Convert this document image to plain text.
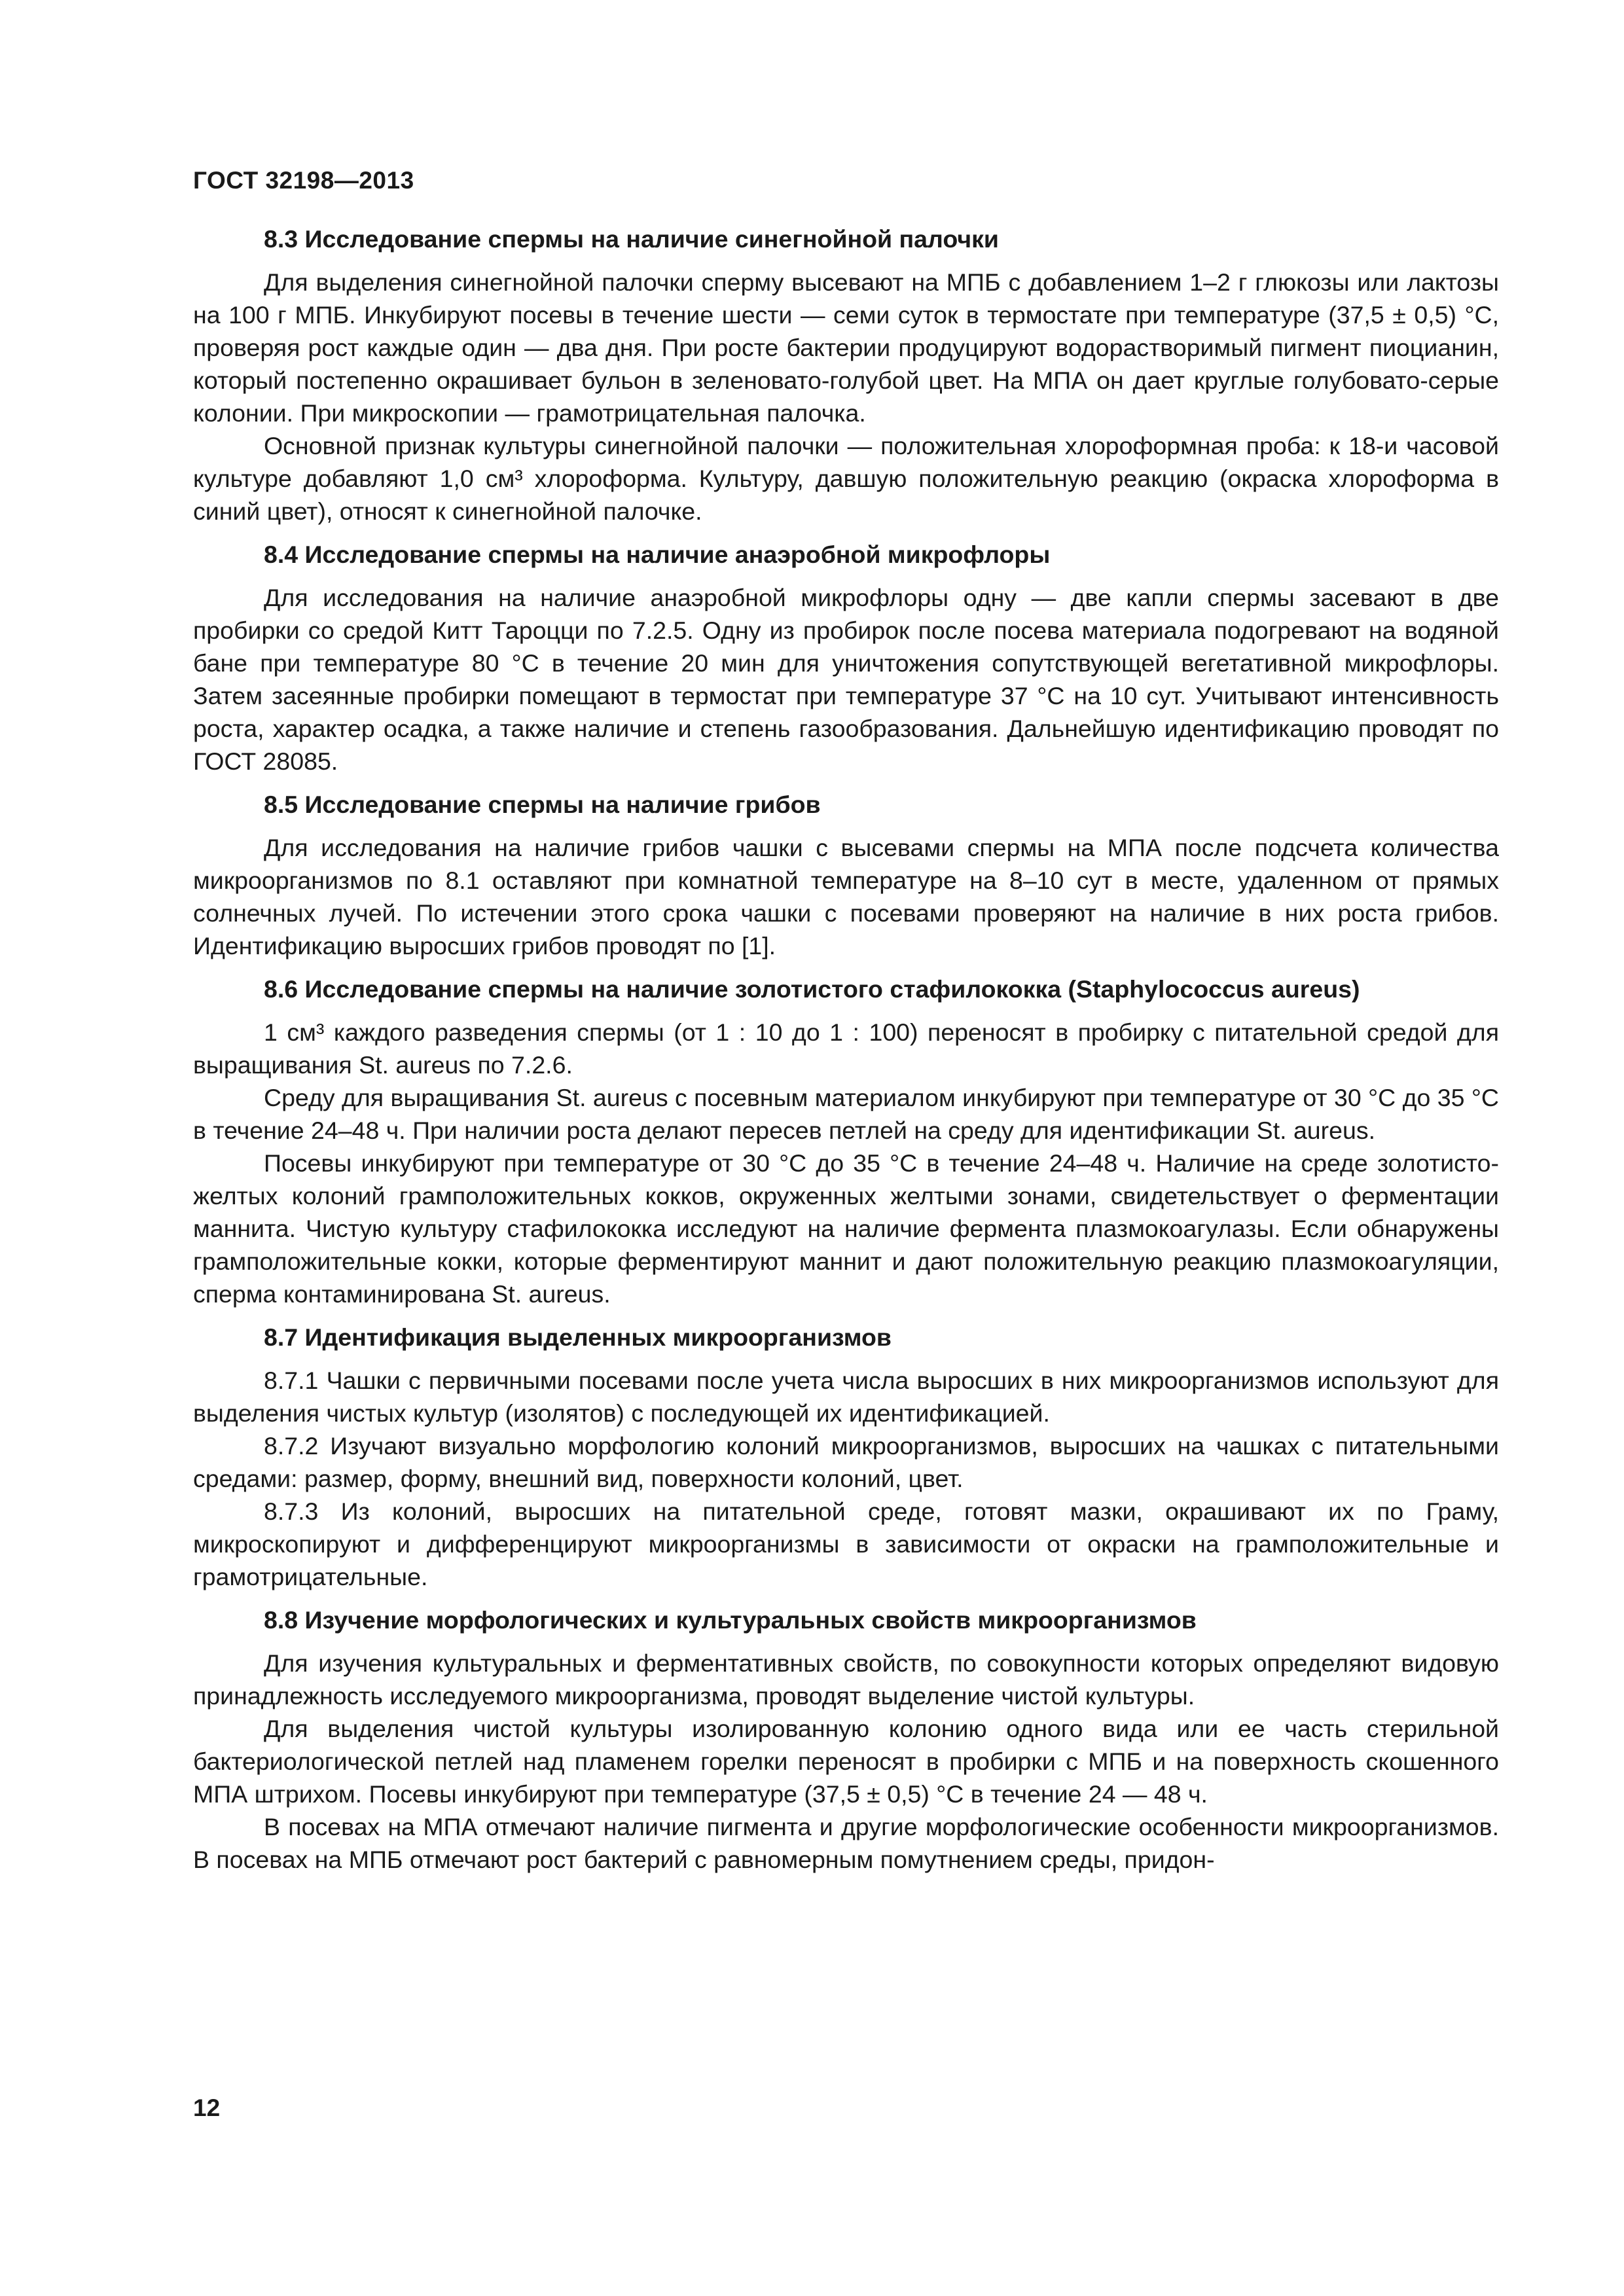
ГОСТ 32198—2013
8.3 Исследование спермы на наличие синегнойной палочки

Для выделения синегнойной палочки сперму высевают на МПБ с добавлением 1–2 г глюкозы или лактозы на 100 г МПБ. Инкубируют посевы в течение шести — семи суток в термостате при температуре (37,5 ± 0,5) °С, проверяя рост каждые один — два дня. При росте бактерии продуцируют водорастворимый пигмент пиоцианин, который постепенно окрашивает бульон в зеленовато-голубой цвет. На МПА он дает круглые голубовато-серые колонии. При микроскопии — грамотрицательная палочка.

Основной признак культуры синегнойной палочки — положительная хлороформная проба: к 18-и часовой культуре добавляют 1,0 см³ хлороформа. Культуру, давшую положительную реакцию (окраска хлороформа в синий цвет), относят к синегнойной палочке.

8.4 Исследование спермы на наличие анаэробной микрофлоры

Для исследования на наличие анаэробной микрофлоры одну — две капли спермы засевают в две пробирки со средой Китт Тароцци по 7.2.5. Одну из пробирок после посева материала подогревают на водяной бане при температуре 80 °С в течение 20 мин для уничтожения сопутствующей вегетативной микрофлоры. Затем засеянные пробирки помещают в термостат при температуре 37 °С на 10 сут. Учитывают интенсивность роста, характер осадка, а также наличие и степень газообразования. Дальнейшую идентификацию проводят по ГОСТ 28085.

8.5 Исследование спермы на наличие грибов

Для исследования на наличие грибов чашки с высевами спермы на МПА после подсчета количества микроорганизмов по 8.1 оставляют при комнатной температуре на 8–10 сут в месте, удаленном от прямых солнечных лучей. По истечении этого срока чашки с посевами проверяют на наличие в них роста грибов. Идентификацию выросших грибов проводят по [1].

8.6 Исследование спермы на наличие золотистого стафилококка (Staphylococcus aureus)

1 см³ каждого разведения спермы (от 1 : 10 до 1 : 100) переносят в пробирку с питательной средой для выращивания St. aureus по 7.2.6.

Среду для выращивания St. aureus с посевным материалом инкубируют при температуре от 30 °С до 35 °С в течение 24–48 ч. При наличии роста делают пересев петлей на среду для идентификации St. aureus.

Посевы инкубируют при температуре от 30 °С до 35 °С в течение 24–48 ч. Наличие на среде золотисто-желтых колоний грамположительных кокков, окруженных желтыми зонами, свидетельствует о ферментации маннита. Чистую культуру стафилококка исследуют на наличие фермента плазмокоагулазы. Если обнаружены грамположительные кокки, которые ферментируют маннит и дают положительную реакцию плазмокоагуляции, сперма контаминирована St. aureus.

8.7 Идентификация выделенных микроорганизмов

8.7.1 Чашки с первичными посевами после учета числа выросших в них микроорганизмов используют для выделения чистых культур (изолятов) с последующей их идентификацией.

8.7.2 Изучают визуально морфологию колоний микроорганизмов, выросших на чашках с питательными средами: размер, форму, внешний вид, поверхности колоний, цвет.

8.7.3 Из колоний, выросших на питательной среде, готовят мазки, окрашивают их по Граму, микроскопируют и дифференцируют микроорганизмы в зависимости от окраски на грамположительные и грамотрицательные.

8.8 Изучение морфологических и культуральных свойств микроорганизмов

Для изучения культуральных и ферментативных свойств, по совокупности которых определяют видовую принадлежность исследуемого микроорганизма, проводят выделение чистой культуры.

Для выделения чистой культуры изолированную колонию одного вида или ее часть стерильной бактериологической петлей над пламенем горелки переносят в пробирки с МПБ и на поверхность скошенного МПА штрихом. Посевы инкубируют при температуре (37,5 ± 0,5) °С в течение 24 — 48 ч.

В посевах на МПА отмечают наличие пигмента и другие морфологические особенности микроорганизмов. В посевах на МПБ отмечают рост бактерий с равномерным помутнением среды, придон-

12
